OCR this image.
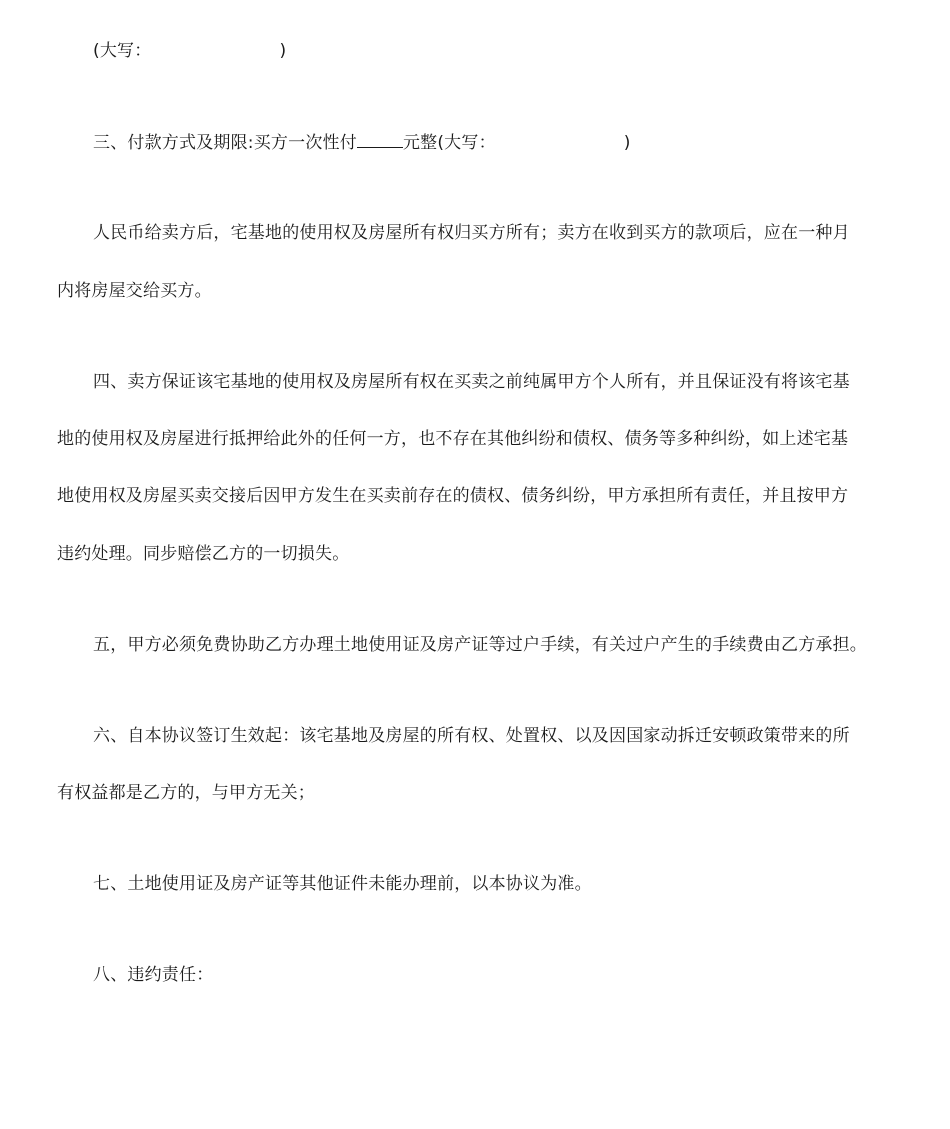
(大写：	)
三、付款方式及期限:买方一次性付	元整(大写：	)
人民币给卖方后，宅基地的使用权及房屋所有权归买方所有；卖方在收到买方的款项后，应在一种月
内将房屋交给买方。
四、卖方保证该宅基地的使用权及房屋所有权在买卖之前纯属甲方个人所有，并且保证没有将该宅基
地的使用权及房屋进行抵押给此外的任何一方，也不存在其他纠纷和债权、债务等多种纠纷，如上述宅基
地使用权及房屋买卖交接后因甲方发生在买卖前存在的债权、债务纠纷，甲方承担所有责任，并且按甲方
违约处理。同步赔偿乙方的一切损失。
五，甲方必须免费协助乙方办理土地使用证及房产证等过户手续，有关过户产生的手续费由乙方承担。
六、自本协议签订生效起：该宅基地及房屋的所有权、处置权、以及因国家动拆迁安顿政策带来的所
有权益都是乙方的，与甲方无关；
七、土地使用证及房产证等其他证件未能办理前，以本协议为准。
八、违约责任：
